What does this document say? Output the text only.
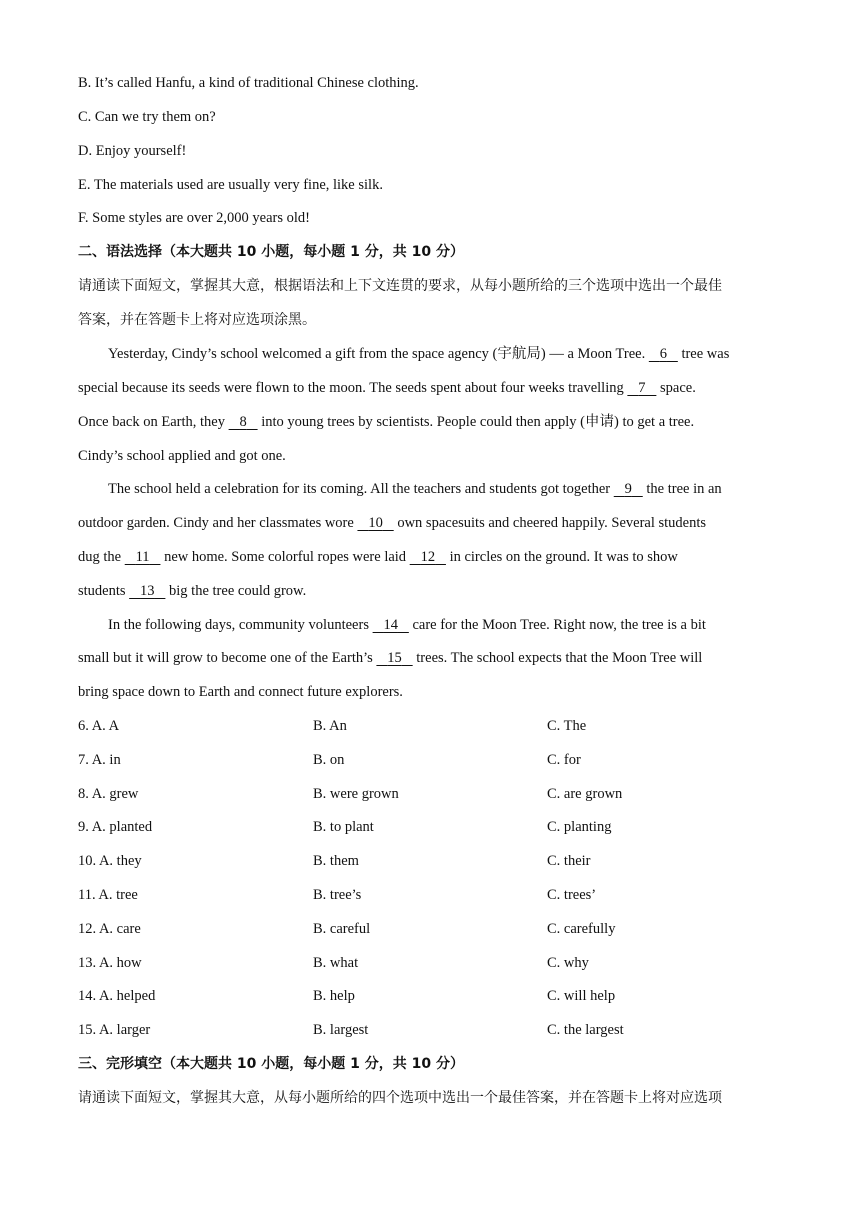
B. It’s called Hanfu, a kind of traditional Chinese clothing.
C. Can we try them on?
D. Enjoy yourself!
E. The materials used are usually very fine, like silk.
F. Some styles are over 2,000 years old!
二、语法选择（本大题共 10 小题，每小题 1 分，共 10 分）
请通读下面短文，掌握其大意，根据语法和上下文连贯的要求，从每小题所给的三个选项中选出一个最佳
答案，并在答题卡上将对应选项涂黑。
Yesterday, Cindy’s school welcomed a gift from the space agency (宇航局) — a Moon Tree.    6    tree was
special because its seeds were flown to the moon. The seeds spent about four weeks travelling    7    space.
Once back on Earth, they    8    into young trees by scientists. People could then apply (申请) to get a tree.
Cindy’s school applied and got one.
The school held a celebration for its coming. All the teachers and students got together    9    the tree in an
outdoor garden. Cindy and her classmates wore    10    own spacesuits and cheered happily. Several students
dug the    11    new home. Some colorful ropes were laid    12    in circles on the ground. It was to show
students    13    big the tree could grow.
In the following days, community volunteers    14    care for the Moon Tree. Right now, the tree is a bit
small but it will grow to become one of the Earth’s    15    trees. The school expects that the Moon Tree will
bring space down to Earth and connect future explorers.
6. A. A	B. An	C. The
7. A. in	B. on	C. for
8. A. grew	B. were grown	C. are grown
9. A. planted	B. to plant	C. planting
10. A. they	B. them	C. their
11. A. tree	B. tree’s	C. trees’
12. A. care	B. careful	C. carefully
13. A. how	B. what	C. why
14. A. helped	B. help	C. will help
15. A. larger	B. largest	C. the largest
三、完形填空（本大题共 10 小题，每小题 1 分，共 10 分）
请通读下面短文，掌握其大意，从每小题所给的四个选项中选出一个最佳答案，并在答题卡上将对应选项
